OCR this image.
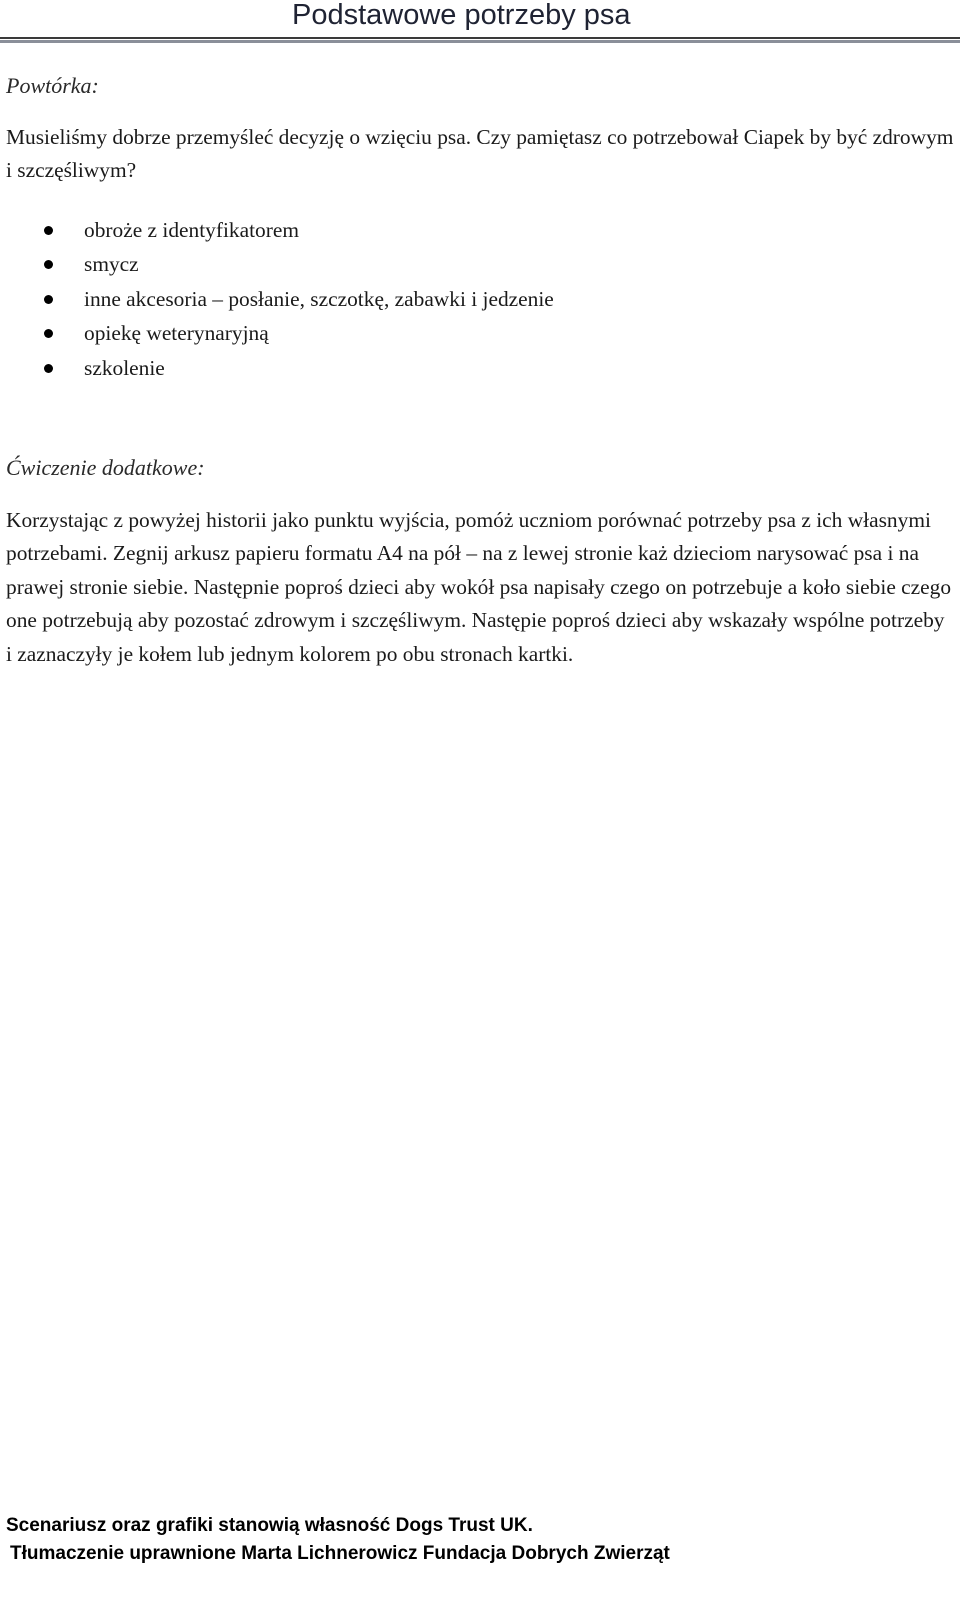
Podstawowe potrzeby psa
Powtórka:

Musieliśmy dobrze przemyśleć decyzję o wzięciu psa. Czy pamiętasz co potrzebował Ciapek by być zdrowym i szczęśliwym?

obroże z identyfikatorem
smycz
inne akcesoria – posłanie, szczotkę, zabawki i jedzenie
opiekę weterynaryjną
szkolenie
Ćwiczenie dodatkowe:

Korzystając z powyżej historii jako punktu wyjścia, pomóż uczniom porównać potrzeby psa z ich własnymi potrzebami. Zegnij arkusz papieru formatu A4 na pół – na z lewej stronie każ dzieciom narysować psa i na prawej stronie siebie. Następnie poproś dzieci aby wokół psa napisały czego on potrzebuje a koło siebie czego one potrzebują aby pozostać zdrowym i szczęśliwym. Następie poproś dzieci aby wskazały wspólne potrzeby i zaznaczyły je kołem lub jednym kolorem po obu stronach kartki.

Scenariusz oraz grafiki stanowią własność Dogs Trust UK.
Tłumaczenie uprawnione Marta Lichnerowicz Fundacja Dobrych Zwierząt
